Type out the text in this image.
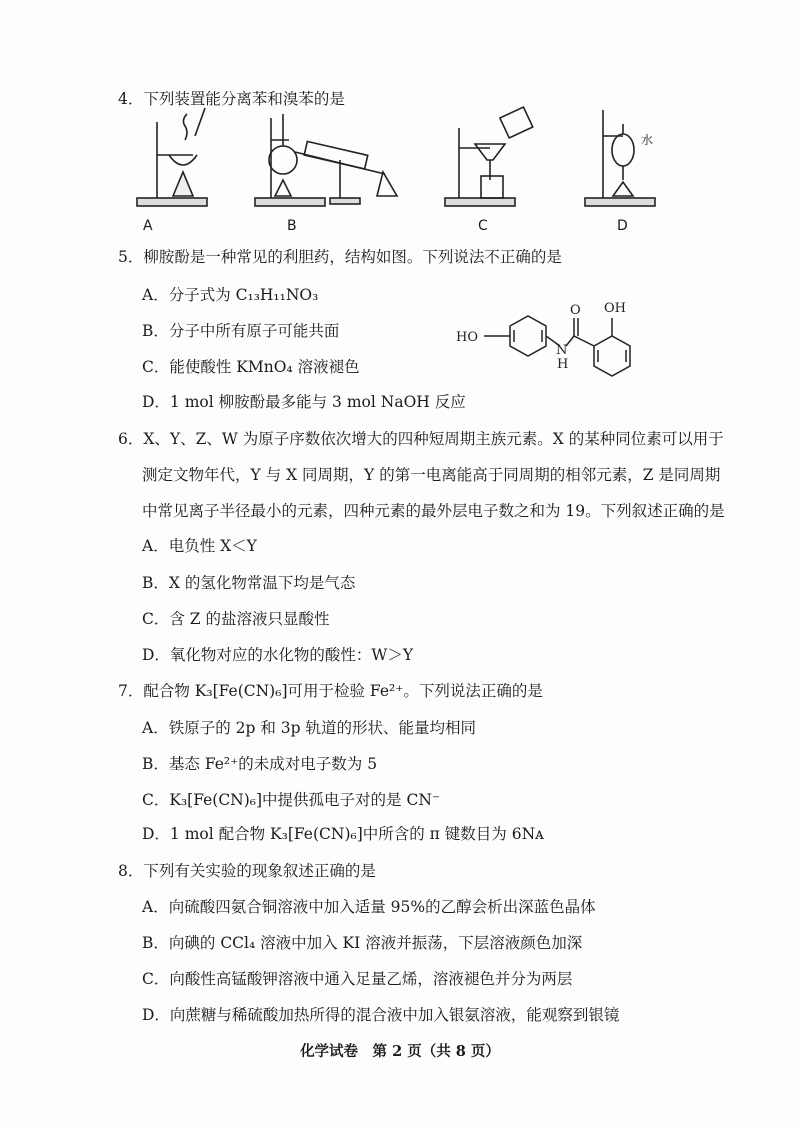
4．下列装置能分离苯和溴苯的是
水
A	B	C	D
5．柳胺酚是一种常见的利胆药，结构如图。下列说法不正确的是
A．分子式为 C₁₃H₁₁NO₃
B．分子中所有原子可能共面
C．能使酸性 KMnO₄ 溶液褪色
D．1 mol 柳胺酚最多能与 3 mol NaOH 反应
HO
N
H
O OH
6．X、Y、Z、W 为原子序数依次增大的四种短周期主族元素。X 的某种同位素可以用于
测定文物年代，Y 与 X 同周期，Y 的第一电离能高于同周期的相邻元素，Z 是同周期
中常见离子半径最小的元素，四种元素的最外层电子数之和为 19。下列叙述正确的是
A．电负性 X＜Y
B．X 的氢化物常温下均是气态
C．含 Z 的盐溶液只显酸性
D．氧化物对应的水化物的酸性：W＞Y
7．配合物 K₃[Fe(CN)₆]可用于检验 Fe²⁺。下列说法正确的是
A．铁原子的 2p 和 3p 轨道的形状、能量均相同
B．基态 Fe²⁺的未成对电子数为 5
C．K₃[Fe(CN)₆]中提供孤电子对的是 CN⁻
D．1 mol 配合物 K₃[Fe(CN)₆]中所含的 π 键数目为 6Nᴀ
8．下列有关实验的现象叙述正确的是
A．向硫酸四氨合铜溶液中加入适量 95%的乙醇会析出深蓝色晶体
B．向碘的 CCl₄ 溶液中加入 KI 溶液并振荡，下层溶液颜色加深
C．向酸性高锰酸钾溶液中通入足量乙烯，溶液褪色并分为两层
D．向蔗糖与稀硫酸加热所得的混合液中加入银氨溶液，能观察到银镜
化学试卷　第 2 页（共 8 页）
